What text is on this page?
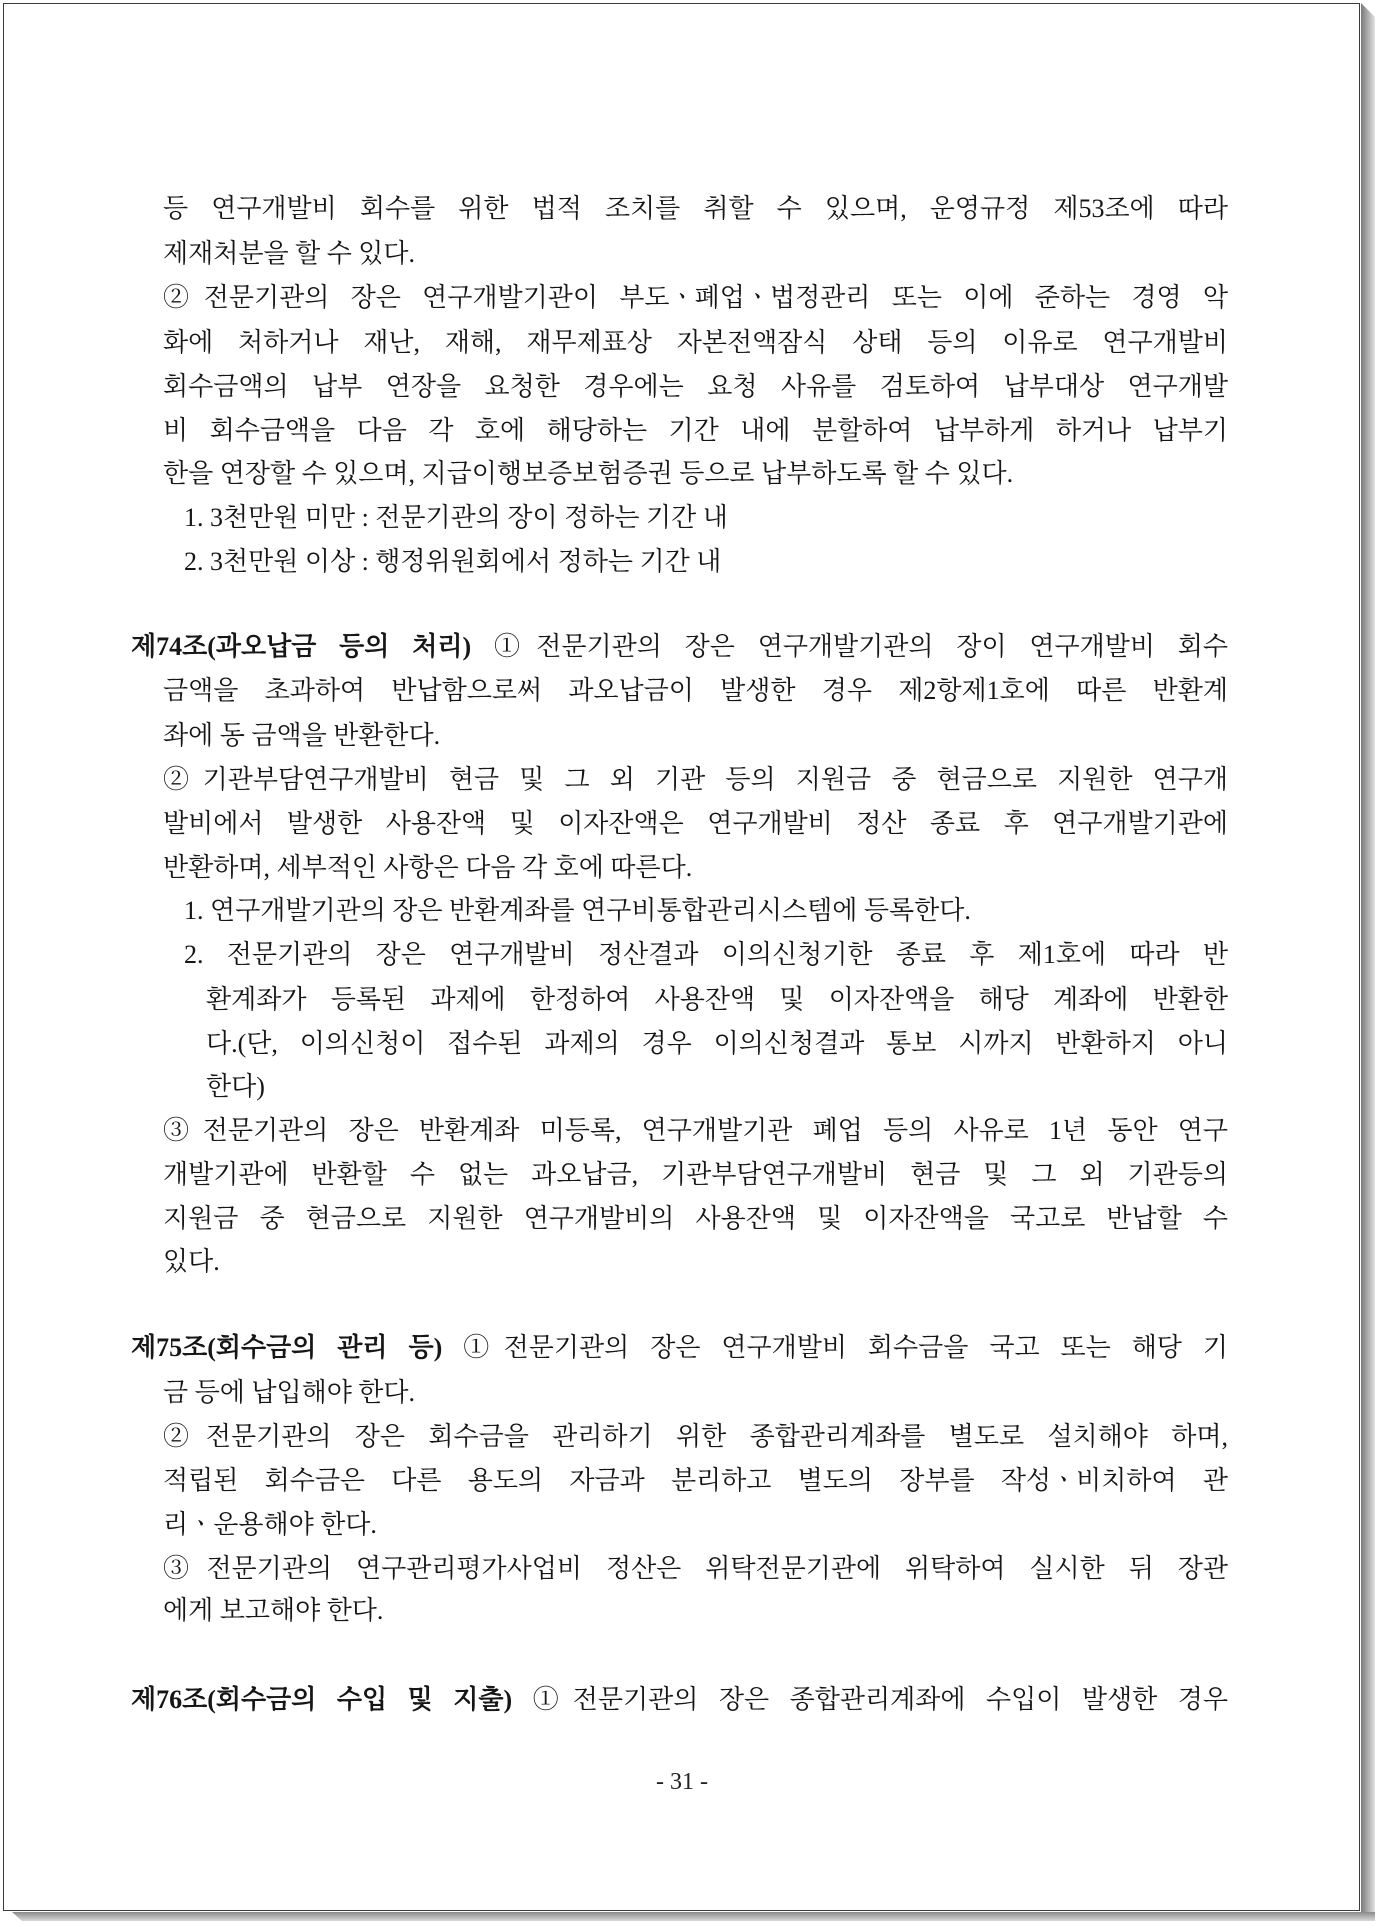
등 연구개발비 회수를 위한 법적 조치를 취할 수 있으며, 운영규정 제53조에 따라
제재처분을 할 수 있다.
②전문기관의 장은 연구개발기관이 부도ㆍ폐업ㆍ법정관리 또는 이에 준하는 경영 악
화에 처하거나 재난, 재해, 재무제표상 자본전액잠식 상태 등의 이유로 연구개발비
회수금액의 납부 연장을 요청한 경우에는 요청 사유를 검토하여 납부대상 연구개발
비 회수금액을 다음 각 호에 해당하는 기간 내에 분할하여 납부하게 하거나 납부기
한을 연장할 수 있으며, 지급이행보증보험증권 등으로 납부하도록 할 수 있다.
1. 3천만원 미만 : 전문기관의 장이 정하는 기간 내
2. 3천만원 이상 : 행정위원회에서 정하는 기간 내
제74조(과오납금 등의 처리) ①전문기관의 장은 연구개발기관의 장이 연구개발비 회수
금액을 초과하여 반납함으로써 과오납금이 발생한 경우 제2항제1호에 따른 반환계
좌에 동 금액을 반환한다.
②기관부담연구개발비 현금 및 그 외 기관 등의 지원금 중 현금으로 지원한 연구개
발비에서 발생한 사용잔액 및 이자잔액은 연구개발비 정산 종료 후 연구개발기관에
반환하며, 세부적인 사항은 다음 각 호에 따른다.
1. 연구개발기관의 장은 반환계좌를 연구비통합관리시스템에 등록한다.
2. 전문기관의 장은 연구개발비 정산결과 이의신청기한 종료 후 제1호에 따라 반
환계좌가 등록된 과제에 한정하여 사용잔액 및 이자잔액을 해당 계좌에 반환한
다.(단, 이의신청이 접수된 과제의 경우 이의신청결과 통보 시까지 반환하지 아니
한다)
③전문기관의 장은 반환계좌 미등록, 연구개발기관 폐업 등의 사유로 1년 동안 연구
개발기관에 반환할 수 없는 과오납금, 기관부담연구개발비 현금 및 그 외 기관등의
지원금 중 현금으로 지원한 연구개발비의 사용잔액 및 이자잔액을 국고로 반납할 수
있다.
제75조(회수금의 관리 등) ①전문기관의 장은 연구개발비 회수금을 국고 또는 해당 기
금 등에 납입해야 한다.
②전문기관의 장은 회수금을 관리하기 위한 종합관리계좌를 별도로 설치해야 하며,
적립된 회수금은 다른 용도의 자금과 분리하고 별도의 장부를 작성ㆍ비치하여 관
리ㆍ운용해야 한다.
③전문기관의 연구관리평가사업비 정산은 위탁전문기관에 위탁하여 실시한 뒤 장관
에게 보고해야 한다.
제76조(회수금의 수입 및 지출) ①전문기관의 장은 종합관리계좌에 수입이 발생한 경우
- 31 -
